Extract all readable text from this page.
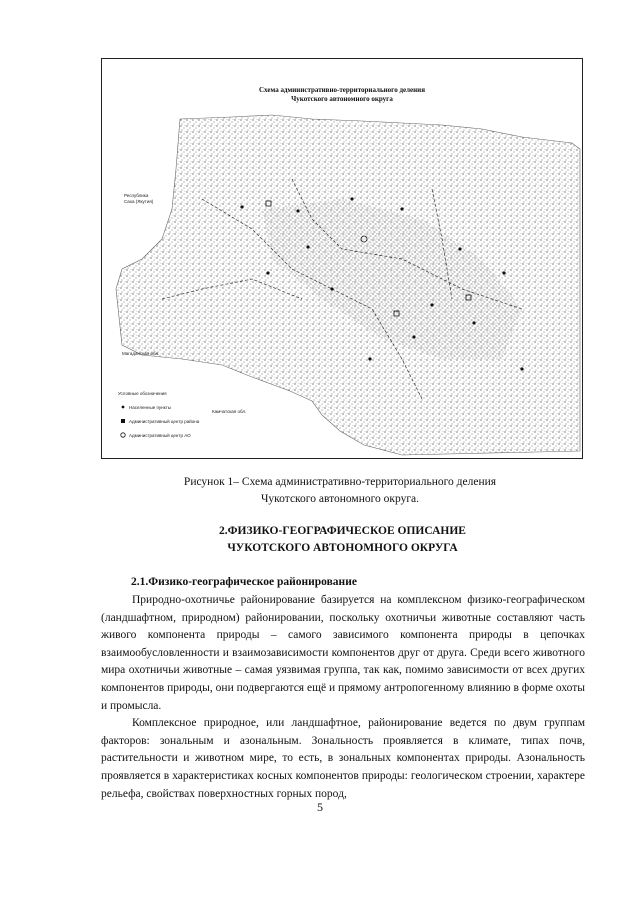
Республика
Саха (Якутия)
Магаданская обл.
Камчатская обл.
Условные обозначения
Населенные пункты
Административный центр района
Административный центр АО
Схема административно-территориального деления
Чукотского автономного округа
Рисунок 1– Схема административно-территориального деления
Чукотского автономного округа.
2.ФИЗИКО-ГЕОГРАФИЧЕСКОЕ ОПИСАНИЕ
ЧУКОТСКОГО АВТОНОМНОГО ОКРУГА
2.1.Физико-географическое районирование

Природно-охотничье районирование базируется на комплексном физико-географическом (ландшафтном, природном) районировании, поскольку охотничьи животные составляют часть живого компонента природы – самого зависимого компонента природы в цепочках взаимообусловленности и взаимозависимости компонентов друг от друга. Среди всего животного мира охотничьи животные – самая уязвимая группа, так как, помимо зависимости от всех других компонентов природы, они подвергаются ещё и прямому антропогенному влиянию в форме охоты и промысла.

Комплексное природное, или ландшафтное, районирование ведется по двум группам факторов: зональным и азональным. Зональность проявляется в климате, типах почв, растительности и животном мире, то есть, в зональных компонентах природы. Азональность проявляется в характеристиках косных компонентов природы: геологическом строении, характере рельефа, свойствах поверхностных горных пород,

5
